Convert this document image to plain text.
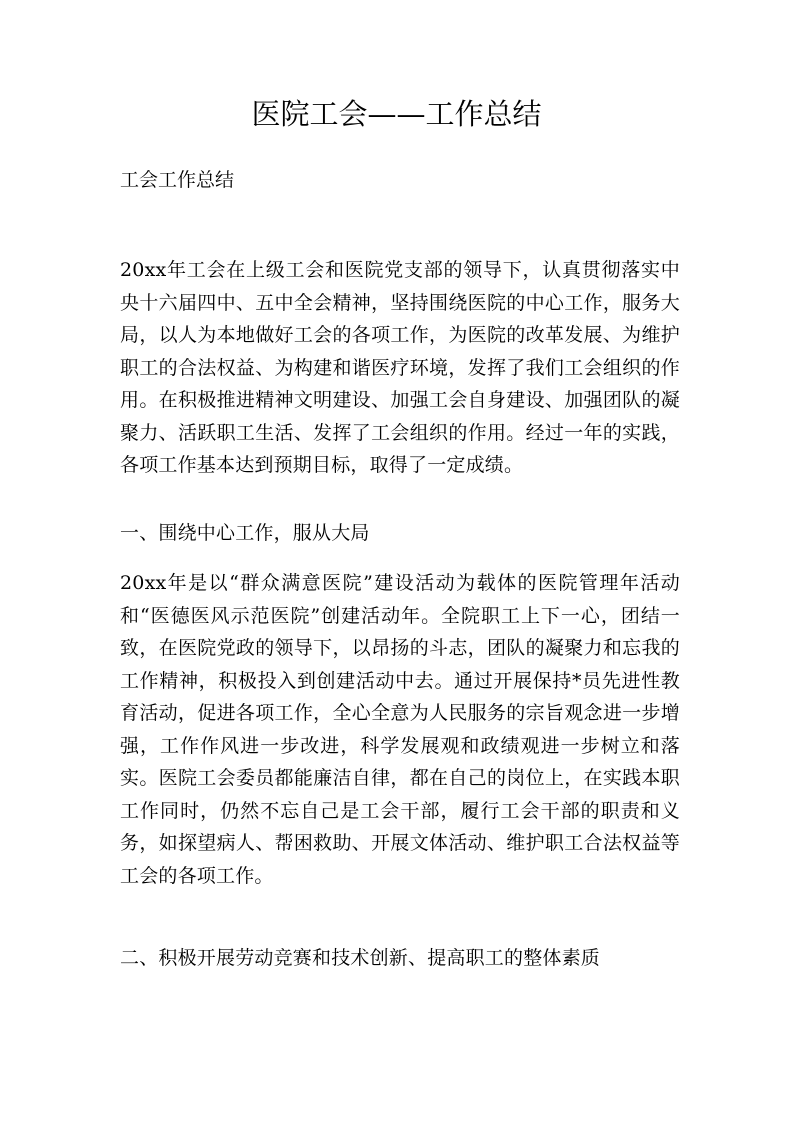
医院工会——工作总结
工会工作总结
20xx年工会在上级工会和医院党支部的领导下，认真贯彻落实中央十六届四中、五中全会精神，坚持围绕医院的中心工作，服务大局，以人为本地做好工会的各项工作，为医院的改革发展、为维护职工的合法权益、为构建和谐医疗环境，发挥了我们工会组织的作用。在积极推进精神文明建设、加强工会自身建设、加强团队的凝聚力、活跃职工生活、发挥了工会组织的作用。经过一年的实践，各项工作基本达到预期目标，取得了一定成绩。
一、围绕中心工作，服从大局
20xx年是以“群众满意医院”建设活动为载体的医院管理年活动和“医德医风示范医院”创建活动年。全院职工上下一心，团结一致，在医院党政的领导下，以昂扬的斗志，团队的凝聚力和忘我的工作精神，积极投入到创建活动中去。通过开展保持*员先进性教育活动，促进各项工作，全心全意为人民服务的宗旨观念进一步增强，工作作风进一步改进，科学发展观和政绩观进一步树立和落实。医院工会委员都能廉洁自律，都在自己的岗位上，在实践本职工作同时，仍然不忘自己是工会干部，履行工会干部的职责和义务，如探望病人、帮困救助、开展文体活动、维护职工合法权益等工会的各项工作。
二、积极开展劳动竞赛和技术创新、提高职工的整体素质
